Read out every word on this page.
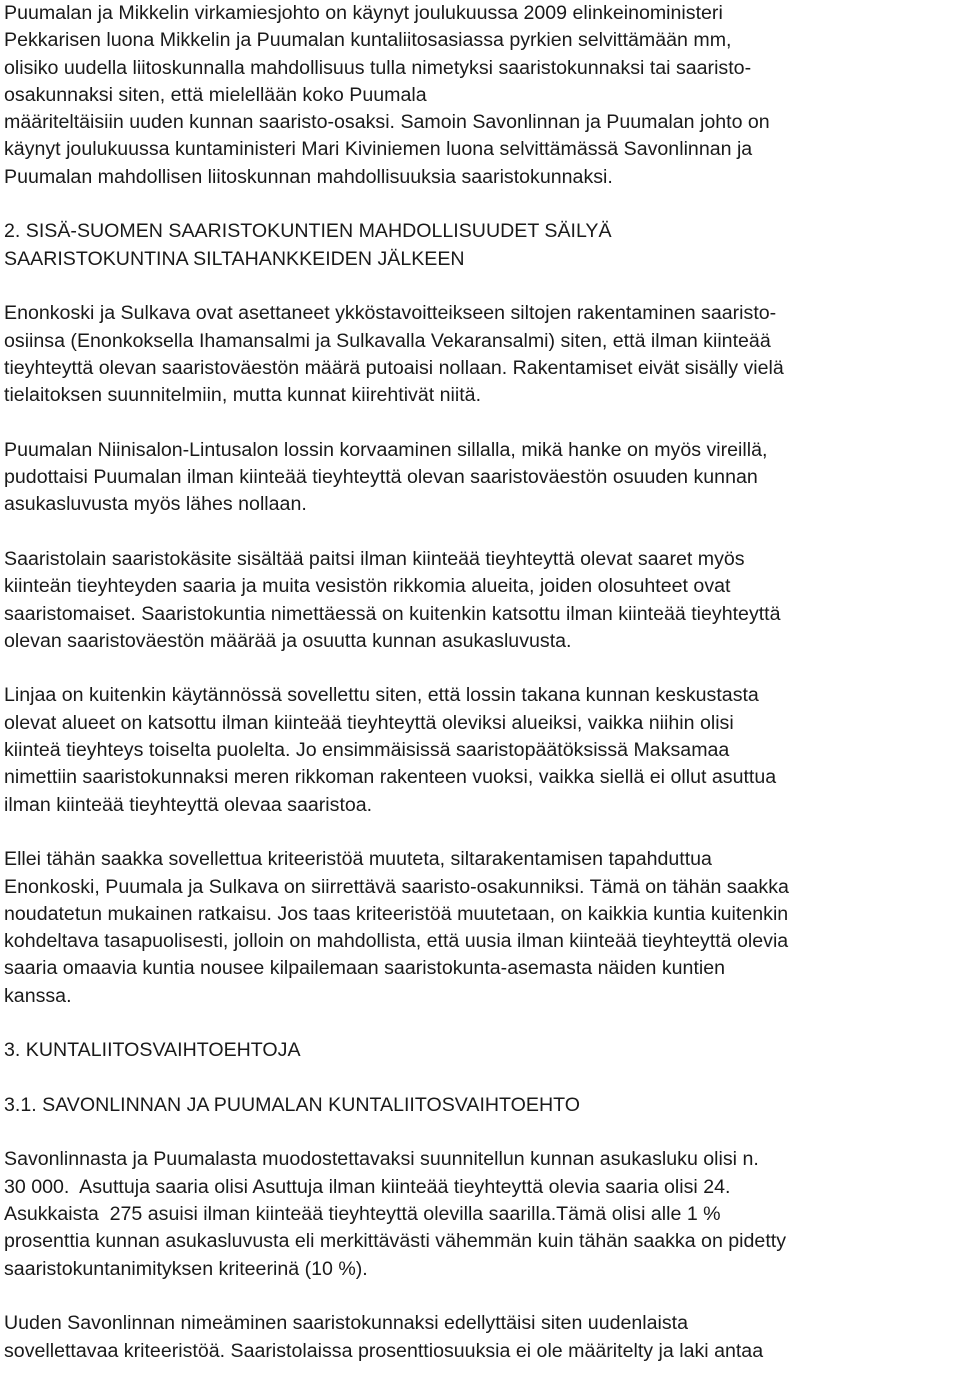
Puumalan ja Mikkelin virkamiesjohto on käynyt joulukuussa 2009 elinkeinoministeri
Pekkarisen luona Mikkelin ja Puumalan kuntaliitosasiassa pyrkien selvittämään mm,
olisiko uudella liitoskunnalla mahdollisuus tulla nimetyksi saaristokunnaksi tai saaristo-
osakunnaksi siten, että mielellään koko Puumala
määriteltäisiin uuden kunnan saaristo-osaksi. Samoin Savonlinnan ja Puumalan johto on
käynyt joulukuussa kuntaministeri Mari Kiviniemen luona selvittämässä Savonlinnan ja
Puumalan mahdollisen liitoskunnan mahdollisuuksia saaristokunnaksi.
2. SISÄ-SUOMEN SAARISTOKUNTIEN MAHDOLLISUUDET SÄILYÄ
SAARISTOKUNTINA SILTAHANKKEIDEN JÄLKEEN
Enonkoski ja Sulkava ovat asettaneet ykköstavoitteikseen siltojen rakentaminen saaristo-
osiinsa (Enonkoksella Ihamansalmi ja Sulkavalla Vekaransalmi) siten, että ilman kiinteää
tieyhteyttä olevan saaristoväestön määrä putoaisi nollaan. Rakentamiset eivät sisälly vielä
tielaitoksen suunnitelmiin, mutta kunnat kiirehtivät niitä.
Puumalan Niinisalon-Lintusalon lossin korvaaminen sillalla, mikä hanke on myös vireillä,
pudottaisi Puumalan ilman kiinteää tieyhteyttä olevan saaristoväestön osuuden kunnan
asukasluvusta myös lähes nollaan.
Saaristolain saaristokäsite sisältää paitsi ilman kiinteää tieyhteyttä olevat saaret myös
kiinteän tieyhteyden saaria ja muita vesistön rikkomia alueita, joiden olosuhteet ovat
saaristomaiset. Saaristokuntia nimettäessä on kuitenkin katsottu ilman kiinteää tieyhteyttä
olevan saaristoväestön määrää ja osuutta kunnan asukasluvusta.
Linjaa on kuitenkin käytännössä sovellettu siten, että lossin takana kunnan keskustasta
olevat alueet on katsottu ilman kiinteää tieyhteyttä oleviksi alueiksi, vaikka niihin olisi
kiinteä tieyhteys toiselta puolelta. Jo ensimmäisissä saaristopäätöksissä Maksamaa
nimettiin saaristokunnaksi meren rikkoman rakenteen vuoksi, vaikka siellä ei ollut asuttua
ilman kiinteää tieyhteyttä olevaa saaristoa.
Ellei tähän saakka sovellettua kriteeristöä muuteta, siltarakentamisen tapahduttua
Enonkoski, Puumala ja Sulkava on siirrettävä saaristo-osakunniksi. Tämä on tähän saakka
noudatetun mukainen ratkaisu. Jos taas kriteeristöä muutetaan, on kaikkia kuntia kuitenkin
kohdeltava tasapuolisesti, jolloin on mahdollista, että uusia ilman kiinteää tieyhteyttä olevia
saaria omaavia kuntia nousee kilpailemaan saaristokunta-asemasta näiden kuntien
kanssa.
3. KUNTALIITOSVAIHTOEHTOJA
3.1. SAVONLINNAN JA PUUMALAN KUNTALIITOSVAIHTOEHTO
Savonlinnasta ja Puumalasta muodostettavaksi suunnitellun kunnan asukasluku olisi n.
30 000.  Asuttuja saaria olisi Asuttuja ilman kiinteää tieyhteyttä olevia saaria olisi 24.
Asukkaista  275 asuisi ilman kiinteää tieyhteyttä olevilla saarilla.Tämä olisi alle 1 %
prosenttia kunnan asukasluvusta eli merkittävästi vähemmän kuin tähän saakka on pidetty
saaristokuntanimityksen kriteerinä (10 %).
Uuden Savonlinnan nimeäminen saaristokunnaksi edellyttäisi siten uudenlaista
sovellettavaa kriteeristöä. Saaristolaissa prosenttiosuuksia ei ole määritelty ja laki antaa
